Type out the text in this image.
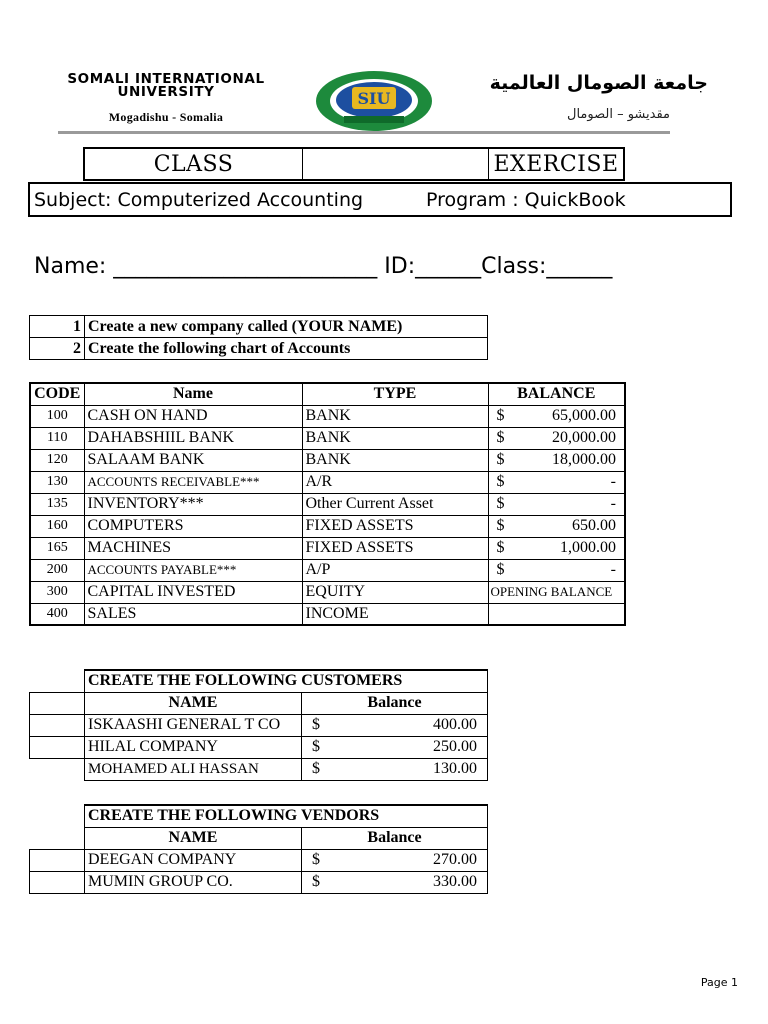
SOMALI INTERNATIONAL
UNIVERSITY
Mogadishu - Somalia
SIU
جامعة الصومال العالمية
مقديشو – الصومال
CLASS	EXERCISE
Subject: Computerized Accounting	Program : QuickBook
Name: ________________________ ID:______Class:______
1	Create a new company called (YOUR NAME)
2	Create the following chart of Accounts
CODE	Name	TYPE	BALANCE
100	CASH ON HAND	BANK	$ 65,000.00

110	DAHABSHIIL BANK	BANK	$ 20,000.00

120	SALAAM BANK	BANK	$ 18,000.00

130	ACCOUNTS RECEIVABLE***	A/R	$ -

135	INVENTORY***	Other Current Asset	$ -

160	COMPUTERS	FIXED ASSETS	$ 650.00

165	MACHINES	FIXED ASSETS	$ 1,000.00

200	ACCOUNTS PAYABLE***	A/P	$ -

300	CAPITAL INVESTED	EQUITY	OPENING BALANCE
400	SALES	INCOME	
	CREATE THE FOLLOWING CUSTOMERS	
	NAME	Balance
	ISKAASHI GENERAL T CO	$ 400.00

	HILAL COMPANY	$ 250.00

	MOHAMED ALI HASSAN	$ 130.00
	CREATE THE FOLLOWING VENDORS	
	NAME	Balance
	DEEGAN COMPANY	$ 270.00

	MUMIN GROUP CO.	$ 330.00
Page 1
